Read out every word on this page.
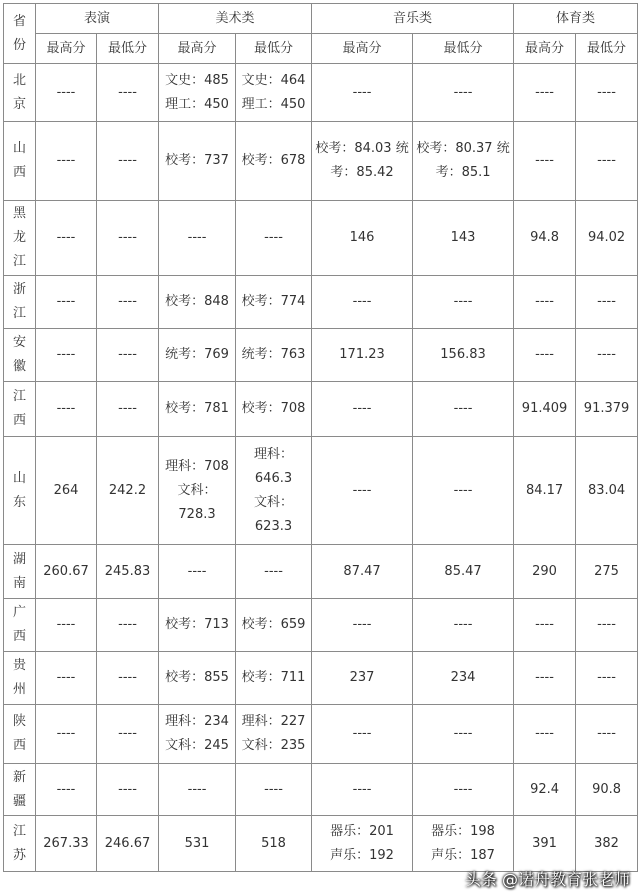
省份	表演		美术类		音乐类		体育类	
	最高分	最低分	最高分	最低分	最高分	最低分	最高分	最低分

北京	----	----	文史：485
理工：450	文史：464
理工：450	----	----	----	----

山西	----	----	校考：737	校考：678	校考：84.03 统考：85.42	校考：80.37 统考：85.1	----	----

黑龙江	----	----	----	----	146	143	94.8	94.02

浙江	----	----	校考：848	校考：774	----	----	----	----

安徽	----	----	统考：769	统考：763	171.23	156.83	----	----

江西	----	----	校考：781	校考：708	----	----	91.409	91.379

山东	264	242.2	理科：708
文科：728.3	理科：646.3
文科：623.3	----	----	84.17	83.04

湖南	260.67	245.83	----	----	87.47	85.47	290	275

广西	----	----	校考：713	校考：659	----	----	----	----

贵州	----	----	校考：855	校考：711	237	234	----	----

陕西	----	----	理科：234
文科：245	理科：227
文科：235	----	----	----	----

新疆	----	----	----	----	----	----	92.4	90.8

江苏	267.33	246.67	531	518	器乐：201
声乐：192	器乐：198
声乐：187	391	382
头条 @诺舟教育张老师
